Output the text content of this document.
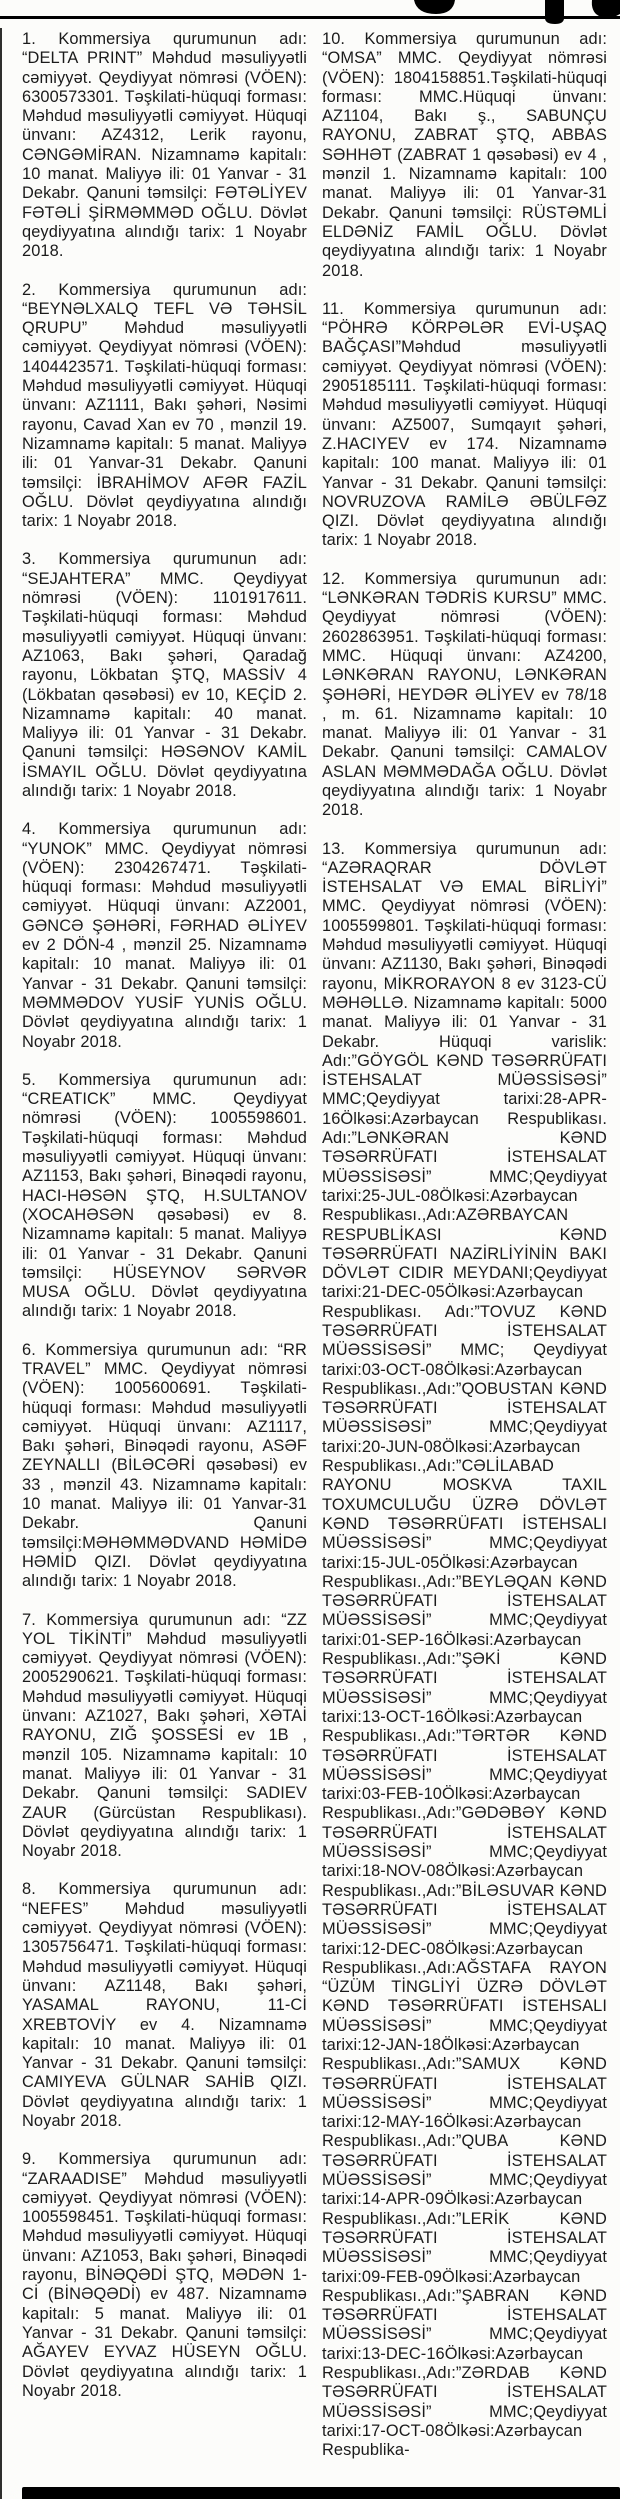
1. Kommersiya qurumunun adı: “DELTA PRINT” Məhdud məsuliyyətli cəmiyyət. Qeydiyyat nömrəsi (VÖEN): 6300573301. Təşkilati-hüquqi forması: Məhdud məsuliyyətli cəmiyyət. Hüquqi ünvanı: AZ4312, Lerik rayonu, CƏNGƏMİRAN. Nizamnamə kapitalı: 10 manat. Maliyyə ili: 01 Yanvar - 31 Dekabr. Qanuni təmsilçi: FƏTƏLİYEV FƏTƏLİ ŞİRMƏMMƏD OĞLU. Dövlət qeydiyyatına alındığı tarix: 1 Noyabr 2018.

2. Kommersiya qurumunun adı: “BEYNƏLXALQ TEFL VƏ TƏHSİL QRUPU” Məhdud məsuliyyətli cəmiyyət. Qeydiyyat nömrəsi (VÖEN): 1404423571. Təşkilati-hüquqi forması: Məhdud məsuliyyətli cəmiyyət. Hüquqi ünvanı: AZ1111, Bakı şəhəri, Nəsimi rayonu, Cavad Xan ev 70 , mənzil 19. Nizamnamə kapitalı: 5 manat. Maliyyə ili: 01 Yanvar-31 Dekabr. Qanuni təmsilçi: İBRAHİMOV AFƏR FAZİL OĞLU. Dövlət qeydiyyatına alındığı tarix: 1 Noyabr 2018.

3. Kommersiya qurumunun adı: “SEJAHTERA” MMC. Qeydiyyat nömrəsi (VÖEN): 1101917611. Təşkilati-hüquqi forması: Məhdud məsuliyyətli cəmiyyət. Hüquqi ünvanı: AZ1063, Bakı şəhəri, Qaradağ rayonu, Lökbatan ŞTQ, MASSİV 4 (Lökbatan qəsəbəsi) ev 10, KEÇİD 2. Nizamnamə kapitalı: 40 manat. Maliyyə ili: 01 Yanvar - 31 Dekabr. Qanuni təmsilçi: HƏSƏNOV KAMİL İSMAYIL OĞLU. Dövlət qeydiyyatına alındığı tarix: 1 Noyabr 2018.

4. Kommersiya qurumunun adı: “YUNOK” MMC. Qeydiyyat nömrəsi (VÖEN): 2304267471. Təşkilati-hüquqi forması: Məhdud məsuliyyətli cəmiyyət. Hüquqi ünvanı: AZ2001, GƏNCƏ ŞƏHƏRİ, FƏRHAD ƏLİYEV ev 2 DÖN-4 , mənzil 25. Nizamnamə kapitalı: 10 manat. Maliyyə ili: 01 Yanvar - 31 Dekabr. Qanuni təmsilçi: MƏMMƏDOV YUSİF YUNİS OĞLU. Dövlət qeydiyyatına alındığı tarix: 1 Noyabr 2018.

5. Kommersiya qurumunun adı: “CREATICK” MMC. Qeydiyyat nömrəsi (VÖEN): 1005598601. Təşkilati-hüquqi forması: Məhdud məsuliyyətli cəmiyyət. Hüquqi ünvanı: AZ1153, Bakı şəhəri, Binəqədi rayonu, HACI-HƏSƏN ŞTQ, H.SULTANOV (XOCAHƏSƏN qəsəbəsi) ev 8. Nizamnamə kapitalı: 5 manat. Maliyyə ili: 01 Yanvar - 31 Dekabr. Qanuni təmsilçi: HÜSEYNOV SƏRVƏR MUSA OĞLU. Dövlət qeydiyyatına alındığı tarix: 1 Noyabr 2018.

6. Kommersiya qurumunun adı: “RR TRAVEL” MMC. Qeydiyyat nömrəsi (VÖEN): 1005600691. Təşkilati-hüquqi forması: Məhdud məsuliyyətli cəmiyyət. Hüquqi ünvanı: AZ1117, Bakı şəhəri, Binəqədi rayonu, ASƏF ZEYNALLI (BİLƏCƏRİ qəsəbəsi) ev 33 , mənzil 43. Nizamnamə kapitalı: 10 manat. Maliyyə ili: 01 Yanvar-31 Dekabr. Qanuni təmsilçi:MƏHƏMMƏDVAND HƏMİDƏ HƏMİD QIZI. Dövlət qeydiyyatına alındığı tarix: 1 Noyabr 2018.

7. Kommersiya qurumunun adı: “ZZ YOL TİKİNTİ” Məhdud məsuliyyətli cəmiyyət. Qeydiyyat nömrəsi (VÖEN): 2005290621. Təşkilati-hüquqi forması: Məhdud məsuliyyətli cəmiyyət. Hüquqi ünvanı: AZ1027, Bakı şəhəri, XƏTAİ RAYONU, ZIĞ ŞOSSESİ ev 1B , mənzil 105. Nizamnamə kapitalı: 10 manat. Maliyyə ili: 01 Yanvar - 31 Dekabr. Qanuni təmsilçi: SADIEV ZAUR (Gürcüstan Respublikası). Dövlət qeydiyyatına alındığı tarix: 1 Noyabr 2018.

8. Kommersiya qurumunun adı: “NEFES” Məhdud məsuliyyətli cəmiyyət. Qeydiyyat nömrəsi (VÖEN): 1305756471. Təşkilati-hüquqi forması: Məhdud məsuliyyətli cəmiyyət. Hüquqi ünvanı: AZ1148, Bakı şəhəri, YASAMAL RAYONU, 11-Cİ XREBTOVİY ev 4. Nizamnamə kapitalı: 10 manat. Maliyyə ili: 01 Yanvar - 31 Dekabr. Qanuni təmsilçi: CAMIYEVA GÜLNAR SAHİB QIZI. Dövlət qeydiyyatına alındığı tarix: 1 Noyabr 2018.

9. Kommersiya qurumunun adı: “ZARAADISE” Məhdud məsuliyyətli cəmiyyət. Qeydiyyat nömrəsi (VÖEN): 1005598451. Təşkilati-hüquqi forması: Məhdud məsuliyyətli cəmiyyət. Hüquqi ünvanı: AZ1053, Bakı şəhəri, Binəqədi rayonu, BİNƏQƏDİ ŞTQ, MƏDƏN 1-Cİ (BİNƏQƏDİ) ev 487. Nizamnamə kapitalı: 5 manat. Maliyyə ili: 01 Yanvar - 31 Dekabr. Qanuni təmsilçi: AĞAYEV EYVAZ HÜSEYN OĞLU. Dövlət qeydiyyatına alındığı tarix: 1 Noyabr 2018.

10. Kommersiya qurumunun adı: “OMSA” MMC. Qeydiyyat nömrəsi (VÖEN): 1804158851.Təşkilati-hüquqi forması: MMC.Hüquqi ünvanı: AZ1104, Bakı ş., SABUNÇU RAYONU, ZABRAT ŞTQ, ABBAS SƏHHƏT (ZABRAT 1 qəsəbəsi) ev 4 , mənzil 1. Nizamnamə kapitalı: 100 manat. Maliyyə ili: 01 Yanvar-31 Dekabr. Qanuni təmsilçi: RÜSTƏMLİ ELDƏNİZ FAMİL OĞLU. Dövlət qeydiyyatına alındığı tarix: 1 Noyabr 2018.

11. Kommersiya qurumunun adı: “PÖHRƏ KÖRPƏLƏR EVİ-UŞAQ BAĞÇASI”Məhdud məsuliyyətli cəmiyyət. Qeydiyyat nömrəsi (VÖEN): 2905185111. Təşkilati-hüquqi forması: Məhdud məsuliyyətli cəmiyyət. Hüquqi ünvanı: AZ5007, Sumqayıt şəhəri, Z.HACIYEV ev 174. Nizamnamə kapitalı: 100 manat. Maliyyə ili: 01 Yanvar - 31 Dekabr. Qanuni təmsilçi: NOVRUZOVA RAMİLƏ ƏBÜLFƏZ QIZI. Dövlət qeydiyyatına alındığı tarix: 1 Noyabr 2018.

12. Kommersiya qurumunun adı: “LƏNKƏRAN TƏDRİS KURSU” MMC. Qeydiyyat nömrəsi (VÖEN): 2602863951. Təşkilati-hüquqi forması: MMC. Hüquqi ünvanı: AZ4200, LƏNKƏRAN RAYONU, LƏNKƏRAN ŞƏHƏRİ, HEYDƏR ƏLİYEV ev 78/18 , m. 61. Nizamnamə kapitalı: 10 manat. Maliyyə ili: 01 Yanvar - 31 Dekabr. Qanuni təmsilçi: CAMALOV ASLAN MƏMMƏDAĞA OĞLU. Dövlət qeydiyyatına alındığı tarix: 1 Noyabr 2018.

13. Kommersiya qurumunun adı: “AZƏRAQRAR DÖVLƏT İSTEHSALAT VƏ EMAL BİRLİYİ” MMC. Qeydiyyat nömrəsi (VÖEN): 1005599801. Təşkilati-hüquqi forması: Məhdud məsuliyyətli cəmiyyət. Hüquqi ünvanı: AZ1130, Bakı şəhəri, Binəqədi rayonu, MİKRORAYON 8 ev 3123-CÜ MƏHƏLLƏ. Nizamnamə kapitalı: 5000 manat. Maliyyə ili: 01 Yanvar - 31 Dekabr. Hüquqi varislik: Adı:”GÖYGÖL KƏND TƏSƏRRÜFATI İSTEHSALAT MÜƏSSİSƏSİ” MMC;Qeydiyyat tarixi:28-APR-16Ölkəsi:Azərbaycan Respublikası. Adı:”LƏNKƏRAN KƏND TƏSƏRRÜFATI İSTEHSALAT MÜƏSSİSƏSİ” MMC;Qeydiyyat tarixi:25-JUL-08Ölkəsi:Azərbaycan Respublikası.,Adı:AZƏRBAYCAN RESPUBLİKASI KƏND TƏSƏRRÜFATI NAZİRLİYİNİN BAKI DÖVLƏT CIDIR MEYDANI;Qeydiyyat tarixi:21-DEC-05Ölkəsi:Azərbaycan Respublikası. Adı:”TOVUZ KƏND TƏSƏRRÜFATI İSTEHSALAT MÜƏSSİSƏSİ” MMC; Qeydiyyat tarixi:03-OCT-08Ölkəsi:Azərbaycan Respublikası.,Adı:”QOBUSTAN KƏND TƏSƏRRÜFATI İSTEHSALAT MÜƏSSİSƏSİ” MMC;Qeydiyyat tarixi:20-JUN-08Ölkəsi:Azərbaycan Respublikası.,Adı:”CƏLİLABAD RAYONU MOSKVA TAXIL TOXUMCULUĞU ÜZRƏ DÖVLƏT KƏND TƏSƏRRÜFATI İSTEHSALI MÜƏSSİSƏSİ” MMC;Qeydiyyat tarixi:15-JUL-05Ölkəsi:Azərbaycan Respublikası.,Adı:”BEYLƏQAN KƏND TƏSƏRRÜFATI İSTEHSALAT MÜƏSSİSƏSİ” MMC;Qeydiyyat tarixi:01-SEP-16Ölkəsi:Azərbaycan Respublikası.,Adı:”ŞƏKİ KƏND TƏSƏRRÜFATI İSTEHSALAT MÜƏSSİSƏSİ” MMC;Qeydiyyat tarixi:13-OCT-16Ölkəsi:Azərbaycan Respublikası.,Adı:”TƏRTƏR KƏND TƏSƏRRÜFATI İSTEHSALAT MÜƏSSİSƏSİ” MMC;Qeydiyyat tarixi:03-FEB-10Ölkəsi:Azərbaycan Respublikası.,Adı:”GƏDƏBƏY KƏND TƏSƏRRÜFATI İSTEHSALAT MÜƏSSİSƏSİ” MMC;Qeydiyyat tarixi:18-NOV-08Ölkəsi:Azərbaycan Respublikası.,Adı:”BİLƏSUVAR KƏND TƏSƏRRÜFATI İSTEHSALAT MÜƏSSİSƏSİ” MMC;Qeydiyyat tarixi:12-DEC-08Ölkəsi:Azərbaycan Respublikası.,Adı:AĞSTAFA RAYON “ÜZÜM TİNGLİYİ ÜZRƏ DÖVLƏT KƏND TƏSƏRRÜFATI İSTEHSALI MÜƏSSİSƏSİ” MMC;Qeydiyyat tarixi:12-JAN-18Ölkəsi:Azərbaycan Respublikası.,Adı:”SAMUX KƏND TƏSƏRRÜFATI İSTEHSALAT MÜƏSSİSƏSİ” MMC;Qeydiyyat tarixi:12-MAY-16Ölkəsi:Azərbaycan Respublikası.,Adı:”QUBA KƏND TƏSƏRRÜFATI İSTEHSALAT MÜƏSSİSƏSİ” MMC;Qeydiyyat tarixi:14-APR-09Ölkəsi:Azərbaycan Respublikası.,Adı:”LERİK KƏND TƏSƏRRÜFATI İSTEHSALAT MÜƏSSİSƏSİ” MMC;Qeydiyyat tarixi:09-FEB-09Ölkəsi:Azərbaycan Respublikası.,Adı:”ŞABRAN KƏND TƏSƏRRÜFATI İSTEHSALAT MÜƏSSİSƏSİ” MMC;Qeydiyyat tarixi:13-DEC-16Ölkəsi:Azərbaycan Respublikası.,Adı:”ZƏRDAB KƏND TƏSƏRRÜFATI İSTEHSALAT MÜƏSSİSƏSİ” MMC;Qeydiyyat tarixi:17-OCT-08Ölkəsi:Azərbaycan Respublika-
